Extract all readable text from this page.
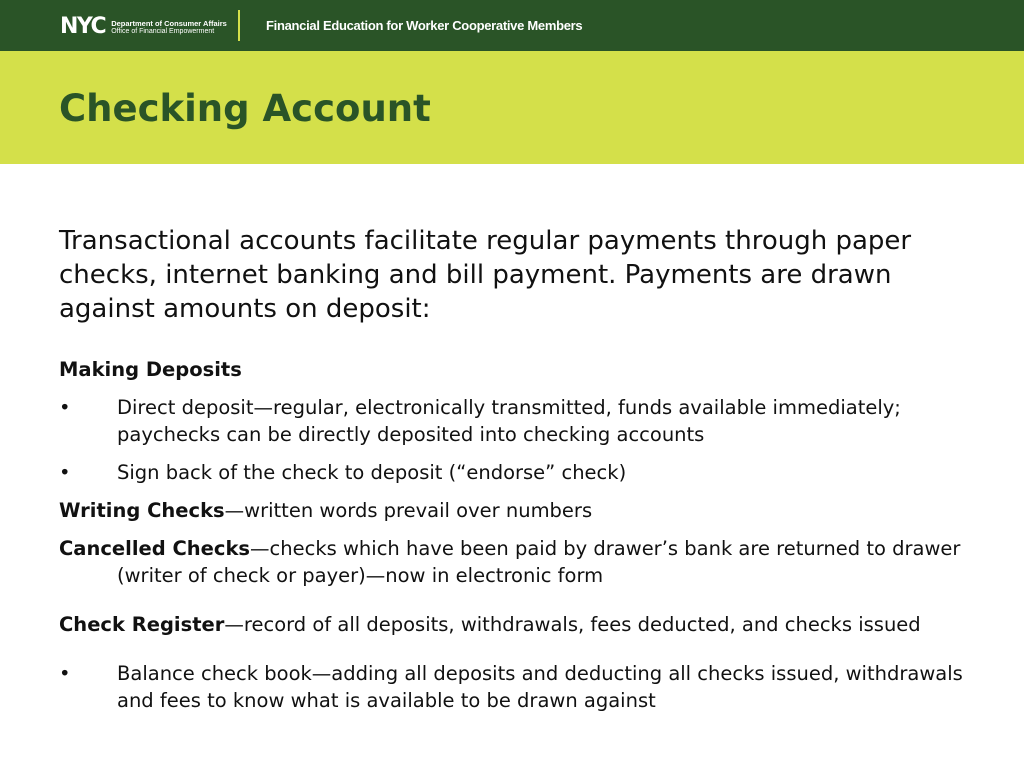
NYC Department of Consumer Affairs
Office of Financial Empowerment	Financial Education for Worker Cooperative Members
Checking Account

Transactional accounts facilitate regular payments through paper checks, internet banking and bill payment. Payments are drawn against amounts on deposit:

Making Deposits

• Direct deposit—regular, electronically transmitted, funds available immediately; paychecks can be directly deposited into checking accounts
• Sign back of the check to deposit (“endorse” check)

Writing Checks—written words prevail over numbers

Cancelled Checks—checks which have been paid by drawer’s bank are returned to drawer (writer of check or payer)—now in electronic form

Check Register—record of all deposits, withdrawals, fees deducted, and checks issued

• Balance check book—adding all deposits and deducting all checks issued, withdrawals and fees to know what is available to be drawn against
